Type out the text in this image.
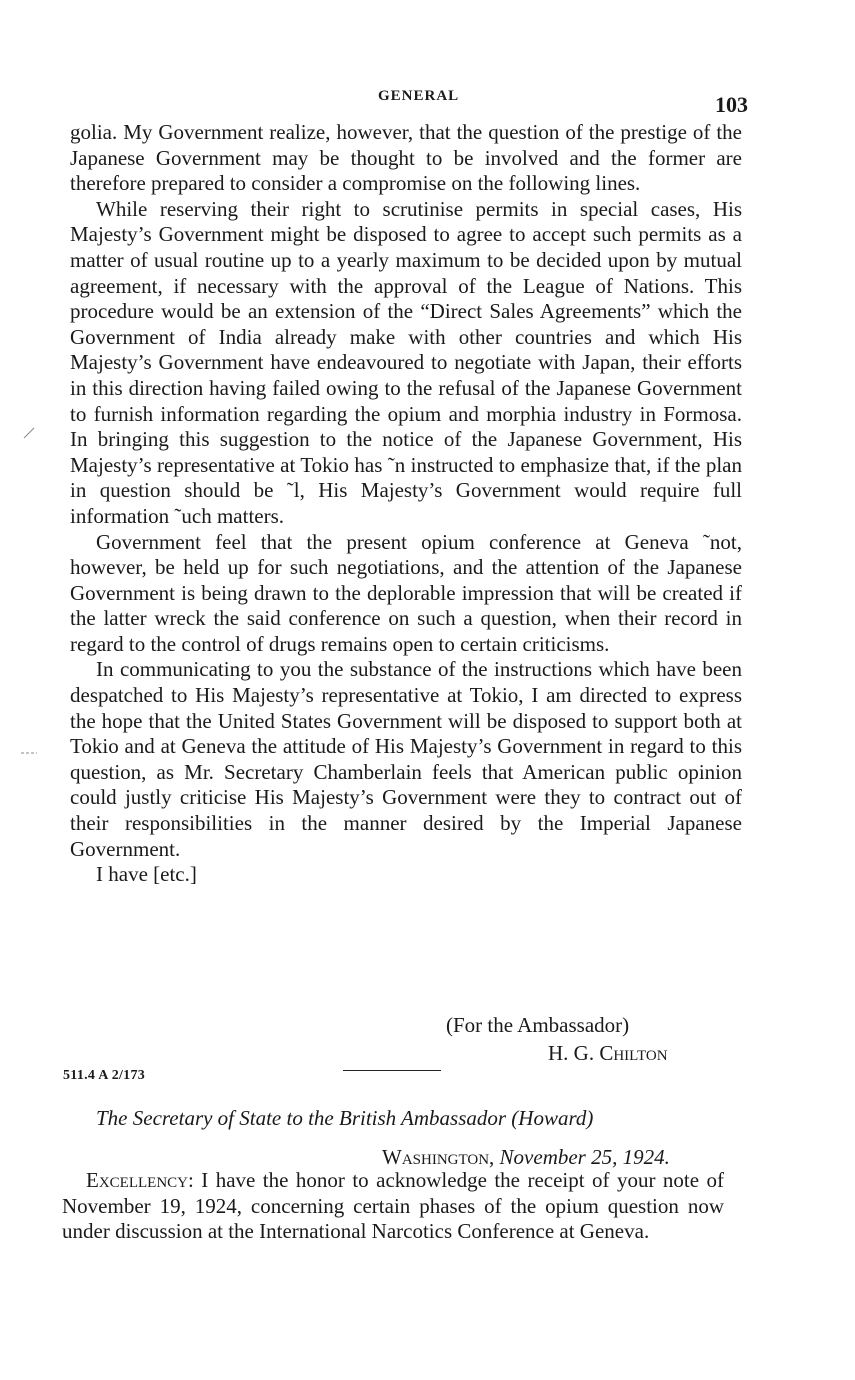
GENERAL	103

golia. My Government realize, however, that the question of the prestige of the Japanese Government may be thought to be involved and the former are therefore prepared to consider a compromise on the following lines.

While reserving their right to scrutinise permits in special cases, His Majesty’s Government might be disposed to agree to accept such permits as a matter of usual routine up to a yearly maximum to be decided upon by mutual agreement, if necessary with the approval of the League of Nations. This procedure would be an extension of the “Direct Sales Agreements” which the Government of India already make with other countries and which His Majesty’s Government have endeavoured to negotiate with Japan, their efforts in this direction having failed owing to the refusal of the Japanese Government to furnish information regarding the opium and morphia industry in Formosa. In bringing this suggestion to the notice of the Japanese Government, His Majesty’s representative at Tokio has ˜n instructed to emphasize that, if the plan in question should be ˜l, His Majesty’s Government would require full information ˜uch matters.

Government feel that the present opium conference at Geneva ˜not, however, be held up for such negotiations, and the attention of the Japanese Government is being drawn to the deplorable impression that will be created if the latter wreck the said conference on such a question, when their record in regard to the control of drugs remains open to certain criticisms.

In communicating to you the substance of the instructions which have been despatched to His Majesty’s representative at Tokio, I am directed to express the hope that the United States Government will be disposed to support both at Tokio and at Geneva the attitude of His Majesty’s Government in regard to this question, as Mr. Secretary Chamberlain feels that American public opinion could justly criticise His Majesty’s Government were they to contract out of their responsibilities in the manner desired by the Imperial Japanese Government.

I have [etc.]

(For the Ambassador)
H. G. Chilton
511.4 A 2/173
The Secretary of State to the British Ambassador (Howard)
Washington, November 25, 1924.

Excellency: I have the honor to acknowledge the receipt of your note of November 19, 1924, concerning certain phases of the opium question now under discussion at the International Narcotics Conference at Geneva.
